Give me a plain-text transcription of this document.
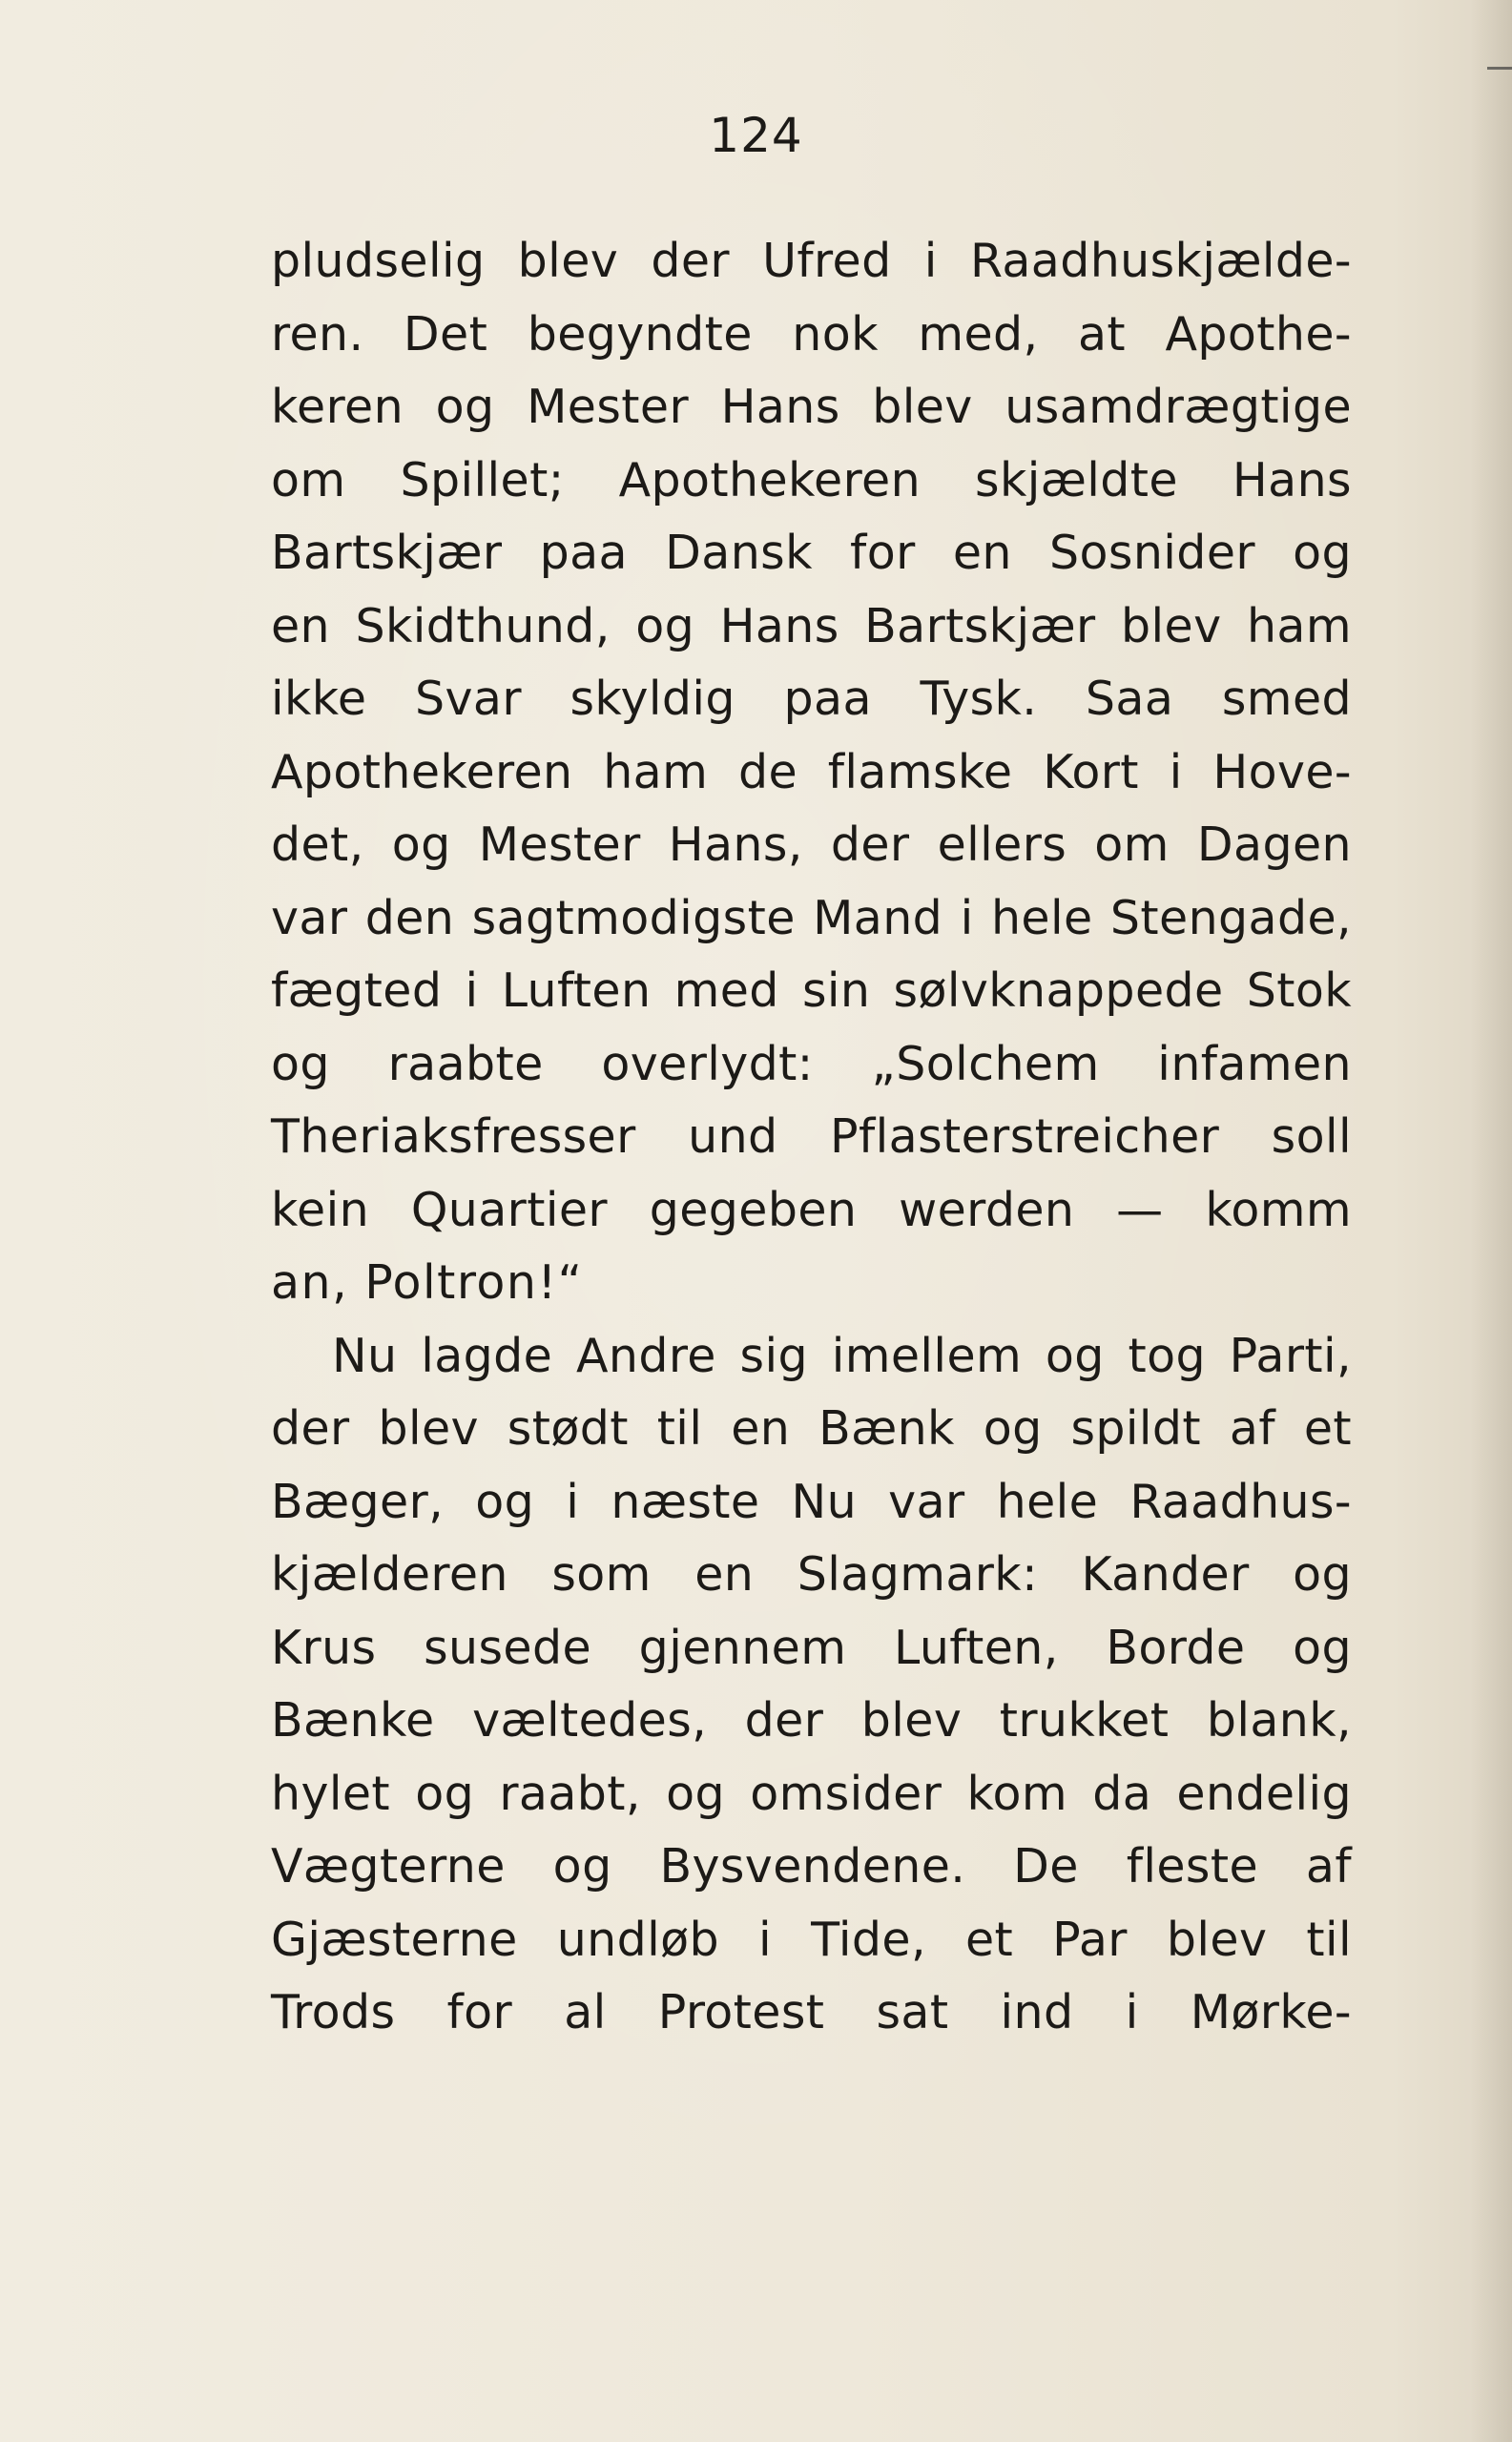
124
pludselig blev der Ufred i Raadhuskjælde-
ren. Det begyndte nok med, at Apothe-
keren og Mester Hans blev usamdrægtige
om Spillet; Apothekeren skjældte Hans
Bartskjær paa Dansk for en Sosnider og
en Skidthund, og Hans Bartskjær blev ham
ikke Svar skyldig paa Tysk. Saa smed
Apothekeren ham de flamske Kort i Hove-
det, og Mester Hans, der ellers om Dagen
var den sagtmodigste Mand i hele Stengade,
fægted i Luften med sin sølvknappede Stok
og raabte overlydt: „Solchem infamen
Theriaksfresser und Pflasterstreicher soll
kein Quartier gegeben werden — komm
an, Poltron!“
Nu lagde Andre sig imellem og tog Parti,
der blev stødt til en Bænk og spildt af et
Bæger, og i næste Nu var hele Raadhus-
kjælderen som en Slagmark: Kander og
Krus susede gjennem Luften, Borde og
Bænke væltedes, der blev trukket blank,
hylet og raabt, og omsider kom da endelig
Vægterne og Bysvendene. De fleste af
Gjæsterne undløb i Tide, et Par blev til
Trods for al Protest sat ind i Mørke-
